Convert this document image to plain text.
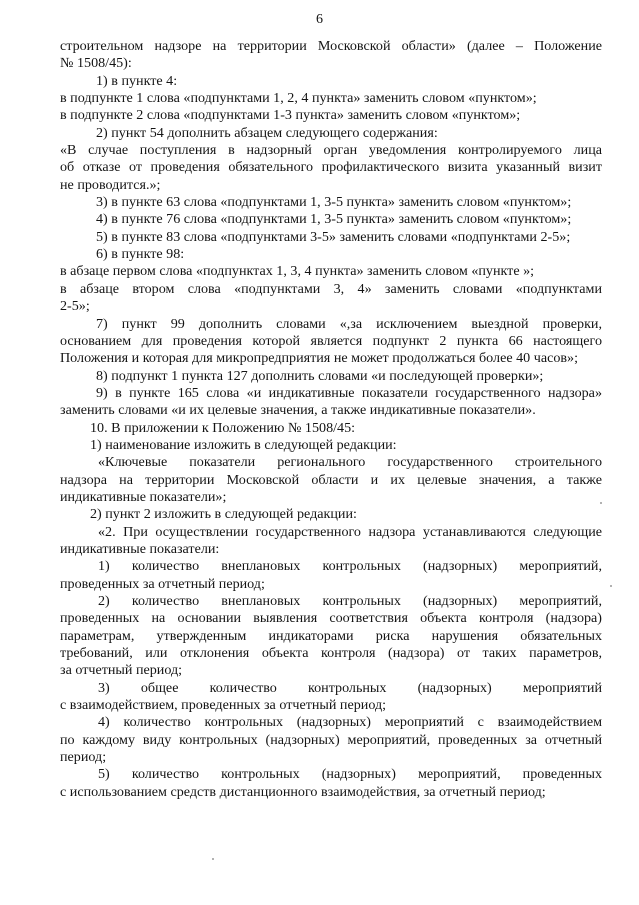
6
строительном надзоре на территории Московской области» (далее – Положение
№ 1508/45):
1) в пункте 4:
в подпункте 1 слова «подпунктами 1, 2, 4 пункта» заменить словом «пунктом»;
в подпункте 2 слова «подпунктами 1-3 пункта» заменить словом «пунктом»;
2) пункт 54 дополнить абзацем следующего содержания:
«В случае поступления в надзорный орган уведомления контролируемого лица
об отказе от проведения обязательного профилактического визита указанный визит
не проводится.»;
3) в пункте 63 слова «подпунктами 1, 3-5 пункта» заменить словом «пунктом»;
4) в пункте 76 слова «подпунктами 1, 3-5 пункта» заменить словом «пунктом»;
5) в пункте 83 слова «подпунктами 3-5» заменить словами «подпунктами 2-5»;
6) в пункте 98:
в абзаце первом слова «подпунктах 1, 3, 4 пункта» заменить словом «пункте »;
в абзаце втором слова «подпунктами 3, 4» заменить словами «подпунктами
2-5»;
7) пункт 99 дополнить словами «,за исключением выездной проверки,
основанием для проведения которой является подпункт 2 пункта 66 настоящего
Положения и которая для микропредприятия не может продолжаться более 40 часов»;
8) подпункт 1 пункта 127 дополнить словами «и последующей проверки»;
9) в пункте 165 слова «и индикативные показатели государственного надзора»
заменить словами «и их целевые значения, а также индикативные показатели».
10. В приложении к Положению № 1508/45:
1) наименование изложить в следующей редакции:
«Ключевые показатели регионального государственного строительного
надзора на территории Московской области и их целевые значения, а также
индикативные показатели»;
2) пункт 2 изложить в следующей редакции:
«2. При осуществлении государственного надзора устанавливаются следующие
индикативные показатели:
1) количество внеплановых контрольных (надзорных) мероприятий,
проведенных за отчетный период;
2) количество внеплановых контрольных (надзорных) мероприятий,
проведенных на основании выявления соответствия объекта контроля (надзора)
параметрам, утвержденным индикаторами риска нарушения обязательных
требований, или отклонения объекта контроля (надзора) от таких параметров,
за отчетный период;
3) общее количество контрольных (надзорных) мероприятий
с взаимодействием, проведенных за отчетный период;
4) количество контрольных (надзорных) мероприятий с взаимодействием
по каждому виду контрольных (надзорных) мероприятий, проведенных за отчетный
период;
5) количество контрольных (надзорных) мероприятий, проведенных
с использованием средств дистанционного взаимодействия, за отчетный период;
